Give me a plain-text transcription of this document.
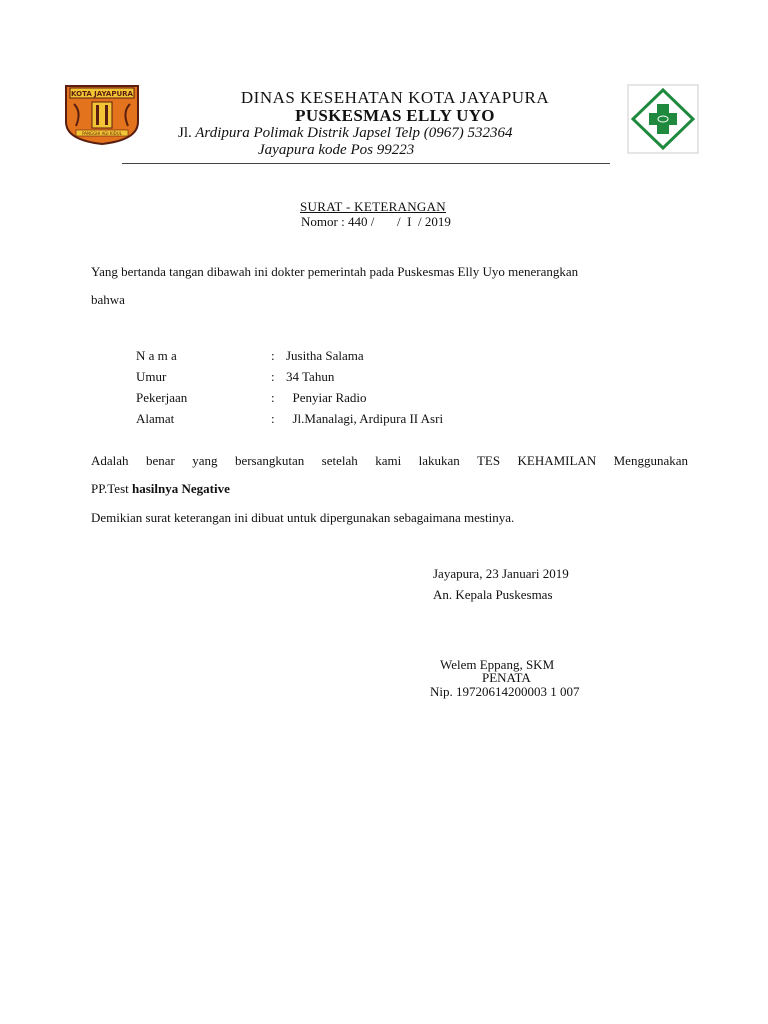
KOTA JAYAPURA
PANGGHI AGI KIDUL
DINAS KESEHATAN KOTA JAYAPURA
PUSKESMAS ELLY UYO
Jl. Ardipura Polimak Distrik Japsel Telp (0967) 532364
Jayapura kode Pos 99223
SURAT - KETERANGAN
Nomor : 440 /       /  I  / 2019
Yang bertanda tangan dibawah ini dokter pemerintah pada Puskesmas Elly Uyo menerangkan
bahwa
N a m a	: Jusitha Salama
Umur	: 34 Tahun
Pekerjaan	: Penyiar Radio
Alamat	: Jl.Manalagi, Ardipura II Asri
Adalah benar yang bersangkutan setelah kami lakukan TES KEHAMILAN Menggunakan
PP.Test hasilnya Negative
Demikian surat keterangan ini dibuat untuk dipergunakan sebagaimana mestinya.
Jayapura, 23 Januari 2019
An. Kepala Puskesmas
Welem Eppang, SKM
PENATA
Nip. 19720614200003 1 007
